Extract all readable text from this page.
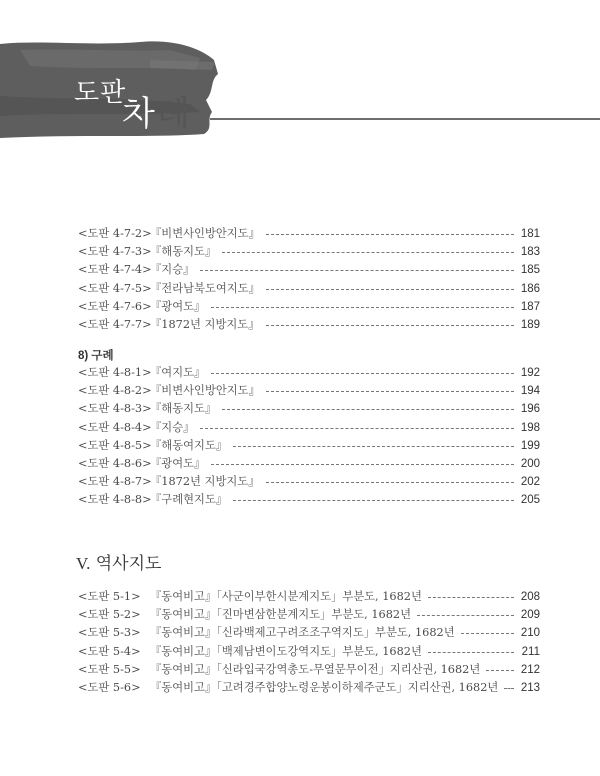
도판
차례
<도판 4-7-2>
『비변사인방안지도』	181
<도판 4-7-3>
『해동지도』	183
<도판 4-7-4>
『지승』	185
<도판 4-7-5>
『전라남북도여지도』	186
<도판 4-7-6>
『광여도』	187
<도판 4-7-7>
『1872년 지방지도』	189
8) 구례
<도판 4-8-1>
『여지도』	192
<도판 4-8-2>
『비변사인방안지도』	194
<도판 4-8-3>
『해동지도』	196
<도판 4-8-4>
『지승』	198
<도판 4-8-5>
『해동여지도』	199
<도판 4-8-6>
『광여도』	200
<도판 4-8-7>
『1872년 지방지도』	202
<도판 4-8-8>
『구례현지도』	205
V. 역사지도
<도판 5-1> 『동여비고』「사군이부한시분계지도」부분도, 1682년	208
<도판 5-2> 『동여비고』「진마변삼한분계지도」부분도, 1682년	209
<도판 5-3> 『동여비고』「신라백제고구려조조구역지도」부분도, 1682년	210
<도판 5-4> 『동여비고』「백제남변이도강역지도」부분도, 1682년	211
<도판 5-5> 『동여비고』「신라입국강역총도-무열문무이전」지리산권, 1682년	212
<도판 5-6> 『동여비고』「고려경주합양노령운봉이하제주군도」지리산권, 1682년 213
